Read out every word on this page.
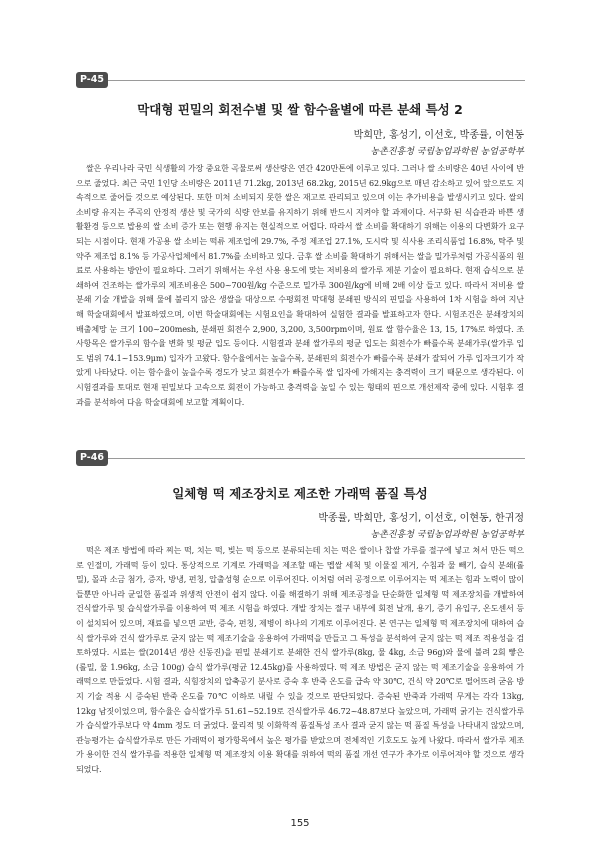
P-45
막대형 핀밀의 회전수별 및 쌀 함수율별에 따른 분쇄 특성 2
박희만, 홍성기, 이선호, 박종률, 이현동
농촌진흥청 국립농업과학원 농업공학부

쌀은 우리나라 국민 식생활의 가장 중요한 곡물로써 생산량은 연간 420만톤에 이루고 있다. 그러나 쌀 소비량은 40년 사이에 반으로 줄었다. 최근 국민 1인당 소비량은 2011년 71.2kg, 2013년 68.2kg, 2015년 62.9kg으로 매년 감소하고 있어 앞으로도 지속적으로 줄어들 것으로 예상된다. 또한 미처 소비되지 못한 쌀은 재고로 관리되고 있으며 이는 추가비용을 발생시키고 있다. 쌀의 소비량 유지는 주곡의 안정적 생산 및 국가의 식량 안보를 유지하기 위해 반드시 지켜야 할 과제이다. 서구화 된 식습관과 바쁜 생활환경 등으로 밥용의 쌀 소비 증가 또는 현행 유지는 현실적으로 어렵다. 따라서 쌀 소비를 확대하기 위해는 이용의 다변화가 요구되는 시점이다. 현재 가공용 쌀 소비는 떡류 제조업에 29.7%, 주정 제조업 27.1%, 도시락 및 식사용 조리식품업 16.8%, 탁주 및 약주 제조업 8.1% 등 가공사업체에서 81.7%를 소비하고 있다. 금후 쌀 소비를 확대하기 위해서는 쌀을 밀가루처럼 가공식품의 원료로 사용하는 방안이 필요하다. 그러기 위해서는 우선 사용 용도에 맞는 저비용의 쌀가루 제분 기술이 필요하다. 현재 습식으로 분쇄하여 건조하는 쌀가루의 제조비용은 500~700원/kg 수준으로 밀가루 300원/kg에 비해 2배 이상 들고 있다. 따라서 저비용 쌀 분쇄 기술 개발을 위해 물에 불리지 않은 생쌀을 대상으로 수평회전 막대형 분쇄핀 방식의 핀밀을 사용하여 1차 시험을 하여 지난 해 학술대회에서 발표하였으며, 이번 학술대회에는 시험요인을 확대하여 실험한 결과를 발표하고자 한다. 시험조건은 분쇄장치의 배출체망 눈 크기 100~200mesh, 분쇄핀 회전수 2,900, 3,200, 3,500rpm이며, 원료 쌀 함수율은 13, 15, 17%로 하였다. 조사항목은 쌀가루의 함수율 변화 및 평균 입도 등이다. 시험결과 분쇄 쌀가루의 평균 입도는 회전수가 빠를수록 분쇄가루(쌀가루 입도 범위 74.1~153.9μm) 입자가 고왔다. 함수율에서는 높을수록, 분쇄핀의 회전수가 빠를수록 분쇄가 잘되어 가루 입자크기가 작았게 나타났다. 이는 함수율이 높을수록 경도가 낮고 회전수가 빠를수록 쌀 입자에 가해지는 충격력이 크기 때문으로 생각된다. 이 시험결과를 토대로 현재 핀밀보다 고속으로 회전이 가능하고 충격력을 높일 수 있는 형태의 핀으로 개선제작 중에 있다. 시험후 결과를 분석하여 다음 학술대회에 보고할 계획이다.

P-46
일체형 떡 제조장치로 제조한 가래떡 품질 특성
박종률, 박희만, 홍성기, 이선호, 이현동, 한귀정
농촌진흥청 국립농업과학원 농업공학부

떡은 제조 방법에 따라 찌는 떡, 치는 떡, 빚는 떡 등으로 분류되는데 치는 떡은 쌀이나 찹쌀 가루를 절구에 넣고 쳐서 만든 떡으로 인절미, 가래떡 등이 있다. 통상적으로 기계로 가래떡을 제조할 때는 멥쌀 세척 및 이물질 제거, 수침과 물 빼기, 습식 분쇄(롤밀), 몰과 소금 첨가, 증자, 방냉, 펀칭, 압출성형 순으로 이루어진다. 이처럼 여러 공정으로 이루어지는 떡 제조는 힘과 노력이 많이 들뿐만 아니라 균일한 품질과 위생적 안전이 쉽지 않다. 이를 해결하기 위해 제조공정을 단순화한 일체형 떡 제조장치를 개발하여 건식쌀가루 및 습식쌀가루를 이용하여 떡 제조 시험을 하였다. 개발 장치는 절구 내부에 회전 날개, 용기, 증기 유입구, 온도센서 등이 설치되어 있으며, 재료를 넣으면 교반, 증숙, 펀칭, 제병이 하나의 기계로 이루어진다. 본 연구는 일체형 떡 제조장치에 대하여 습식 쌀가루와 건식 쌀가루로 굳지 않는 떡 제조기술을 응용하여 가래떡을 만들고 그 특성을 분석하여 굳지 않는 떡 제조 적용성을 검토하였다. 시료는 쌀(2014년 생산 신동진)을 핀밀 분쇄기로 분쇄한 건식 쌀가루(8kg, 물 4kg, 소금 96g)와 물에 불려 2회 빻은(롤밀, 물 1.96kg, 소금 100g) 습식 쌀가루(평균 12.45kg)를 사용하였다. 떡 제조 방법은 굳지 않는 떡 제조기술을 응용하여 가래떡으로 만들었다. 시험 결과, 식힘장치의 압축공기 분사로 증숙 후 반죽 온도를 급속 약 30℃, 건식 약 20℃로 떨어뜨려 굳음 방지 기술 적용 시 증숙된 반죽 온도를 70℃ 이하로 내릴 수 있을 것으로 판단되었다. 증숙된 반죽과 가래떡 무게는 각각 13kg, 12kg 남짓이었으며, 함수율은 습식쌀가루 51.61~52.19로 건식쌀가루 46.72~48.87보다 높았으며, 가래떡 굵기는 건식쌀가루가 습식쌀가루보다 약 4mm 정도 더 굵었다. 물리적 및 이화학적 품질특성 조사 결과 굳지 않는 떡 품질 특성을 나타내지 않았으며, 관능평가는 습식쌀가루로 만든 가래떡이 평가항목에서 높은 평가를 받았으며 전체적인 기호도도 높게 나왔다. 따라서 쌀가루 제조가 용이한 건식 쌀가루를 적용한 일체형 떡 제조장치 이용 확대를 위하여 떡의 품질 개선 연구가 추가로 이루어져야 할 것으로 생각되었다.

155
